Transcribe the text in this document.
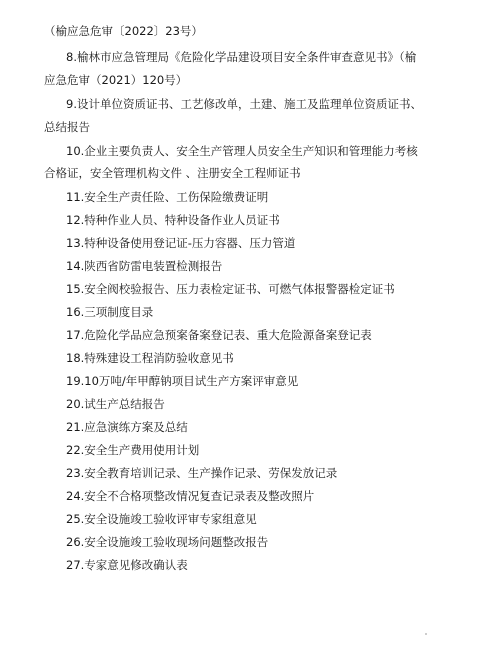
（榆应急危审〔2022〕23号）
8.榆林市应急管理局《危险化学品建设项目安全条件审查意见书》（榆
应急危审（2021）120号）
9.设计单位资质证书、工艺修改单，土建、施工及监理单位资质证书、
总结报告
10.企业主要负责人、安全生产管理人员安全生产知识和管理能力考核
合格证，安全管理机构文件 、注册安全工程师证书
11.安全生产责任险、工伤保险缴费证明
12.特种作业人员、特种设备作业人员证书
13.特种设备使用登记证-压力容器、压力管道
14.陕西省防雷电装置检测报告
15.安全阀校验报告、压力表检定证书、可燃气体报警器检定证书
16.三项制度目录
17.危险化学品应急预案备案登记表、重大危险源备案登记表
18.特殊建设工程消防验收意见书
19.10万吨/年甲醇钠项目试生产方案评审意见
20.试生产总结报告
21.应急演练方案及总结
22.安全生产费用使用计划
23.安全教育培训记录、生产操作记录、劳保发放记录
24.安全不合格项整改情况复查记录表及整改照片
25.安全设施竣工验收评审专家组意见
26.安全设施竣工验收现场问题整改报告
27.专家意见修改确认表
